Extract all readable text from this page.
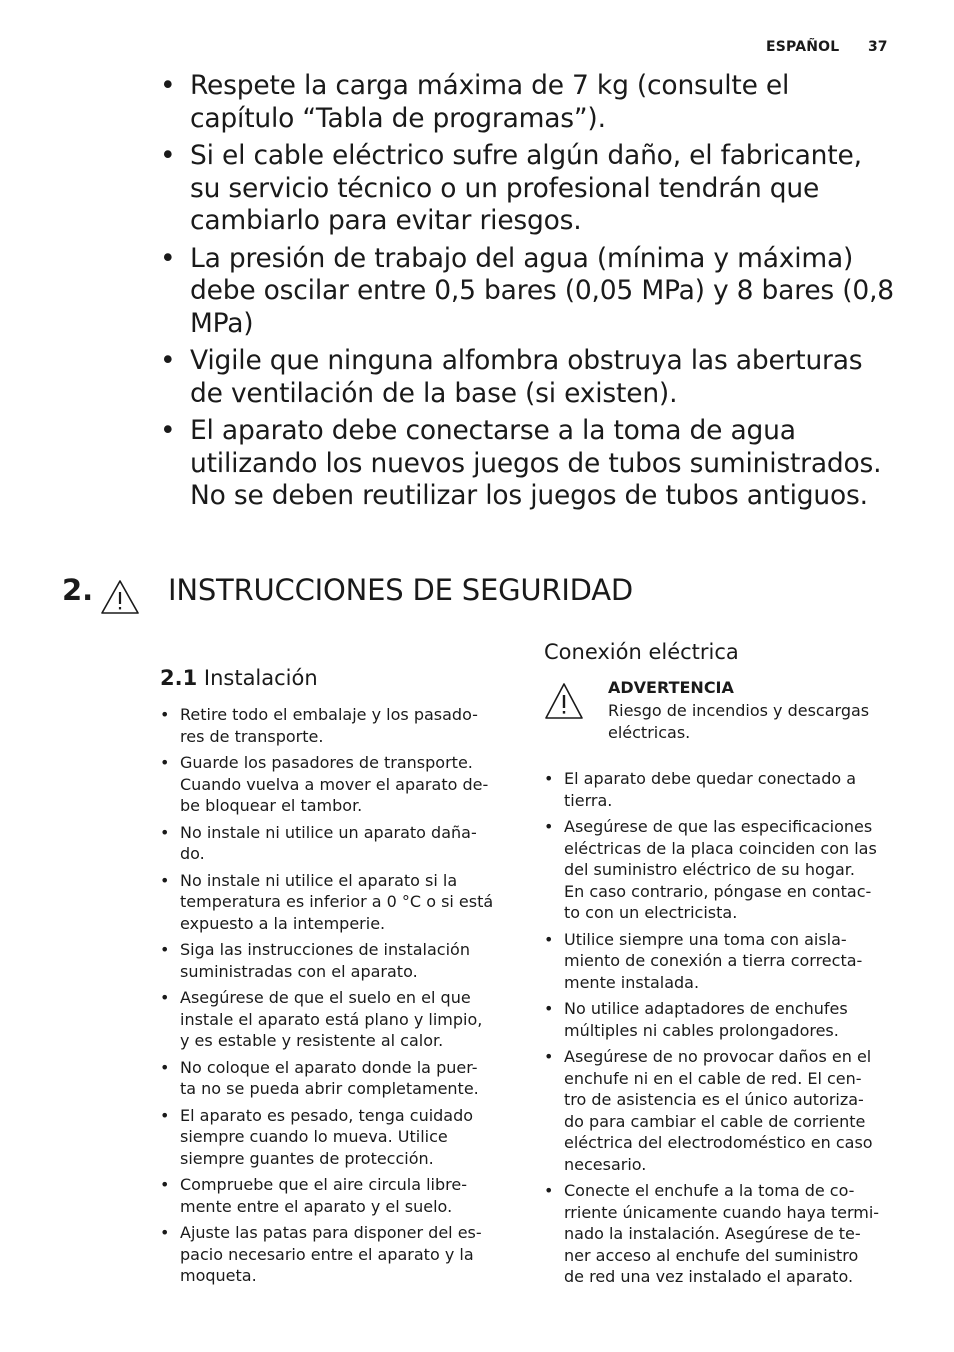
ESPAÑOL 37
• Respete la carga máxima de 7 kg (consulte el capítulo “Tabla de programas”).
• Si el cable eléctrico sufre algún daño, el fabricante, su servicio técnico o un profesional tendrán que cambiarlo para evitar riesgos.
• La presión de trabajo del agua (mínima y máxima) debe oscilar entre 0,5 bares (0,05 MPa) y 8 bares (0,8 MPa)
• Vigile que ninguna alfombra obstruya las aberturas de ventilación de la base (si existen).
• El aparato debe conectarse a la toma de agua utilizando los nuevos juegos de tubos suministrados. No se deben reutilizar los juegos de tubos antiguos.
2.	INSTRUCCIONES DE SEGURIDAD
2.1 Instalación
• Retire todo el embalaje y los pasado-
res de transporte.
• Guarde los pasadores de transporte.
Cuando vuelva a mover el aparato de-
be bloquear el tambor.
• No instale ni utilice un aparato daña-
do.
• No instale ni utilice el aparato si la
temperatura es inferior a 0 °C o si está
expuesto a la intemperie.
• Siga las instrucciones de instalación
suministradas con el aparato.
• Asegúrese de que el suelo en el que
instale el aparato está plano y limpio,
y es estable y resistente al calor.
• No coloque el aparato donde la puer-
ta no se pueda abrir completamente.
• El aparato es pesado, tenga cuidado
siempre cuando lo mueva. Utilice
siempre guantes de protección.
• Compruebe que el aire circula libre-
mente entre el aparato y el suelo.
• Ajuste las patas para disponer del es-
pacio necesario entre el aparato y la
moqueta.
Conexión eléctrica
ADVERTENCIA
Riesgo de incendios y descargas
eléctricas.
• El aparato debe quedar conectado a
tierra.
• Asegúrese de que las especificaciones
eléctricas de la placa coinciden con las
del suministro eléctrico de su hogar.
En caso contrario, póngase en contac-
to con un electricista.
• Utilice siempre una toma con aisla-
miento de conexión a tierra correcta-
mente instalada.
• No utilice adaptadores de enchufes
múltiples ni cables prolongadores.
• Asegúrese de no provocar daños en el
enchufe ni en el cable de red. El cen-
tro de asistencia es el único autoriza-
do para cambiar el cable de corriente
eléctrica del electrodoméstico en caso
necesario.
• Conecte el enchufe a la toma de co-
rriente únicamente cuando haya termi-
nado la instalación. Asegúrese de te-
ner acceso al enchufe del suministro
de red una vez instalado el aparato.
